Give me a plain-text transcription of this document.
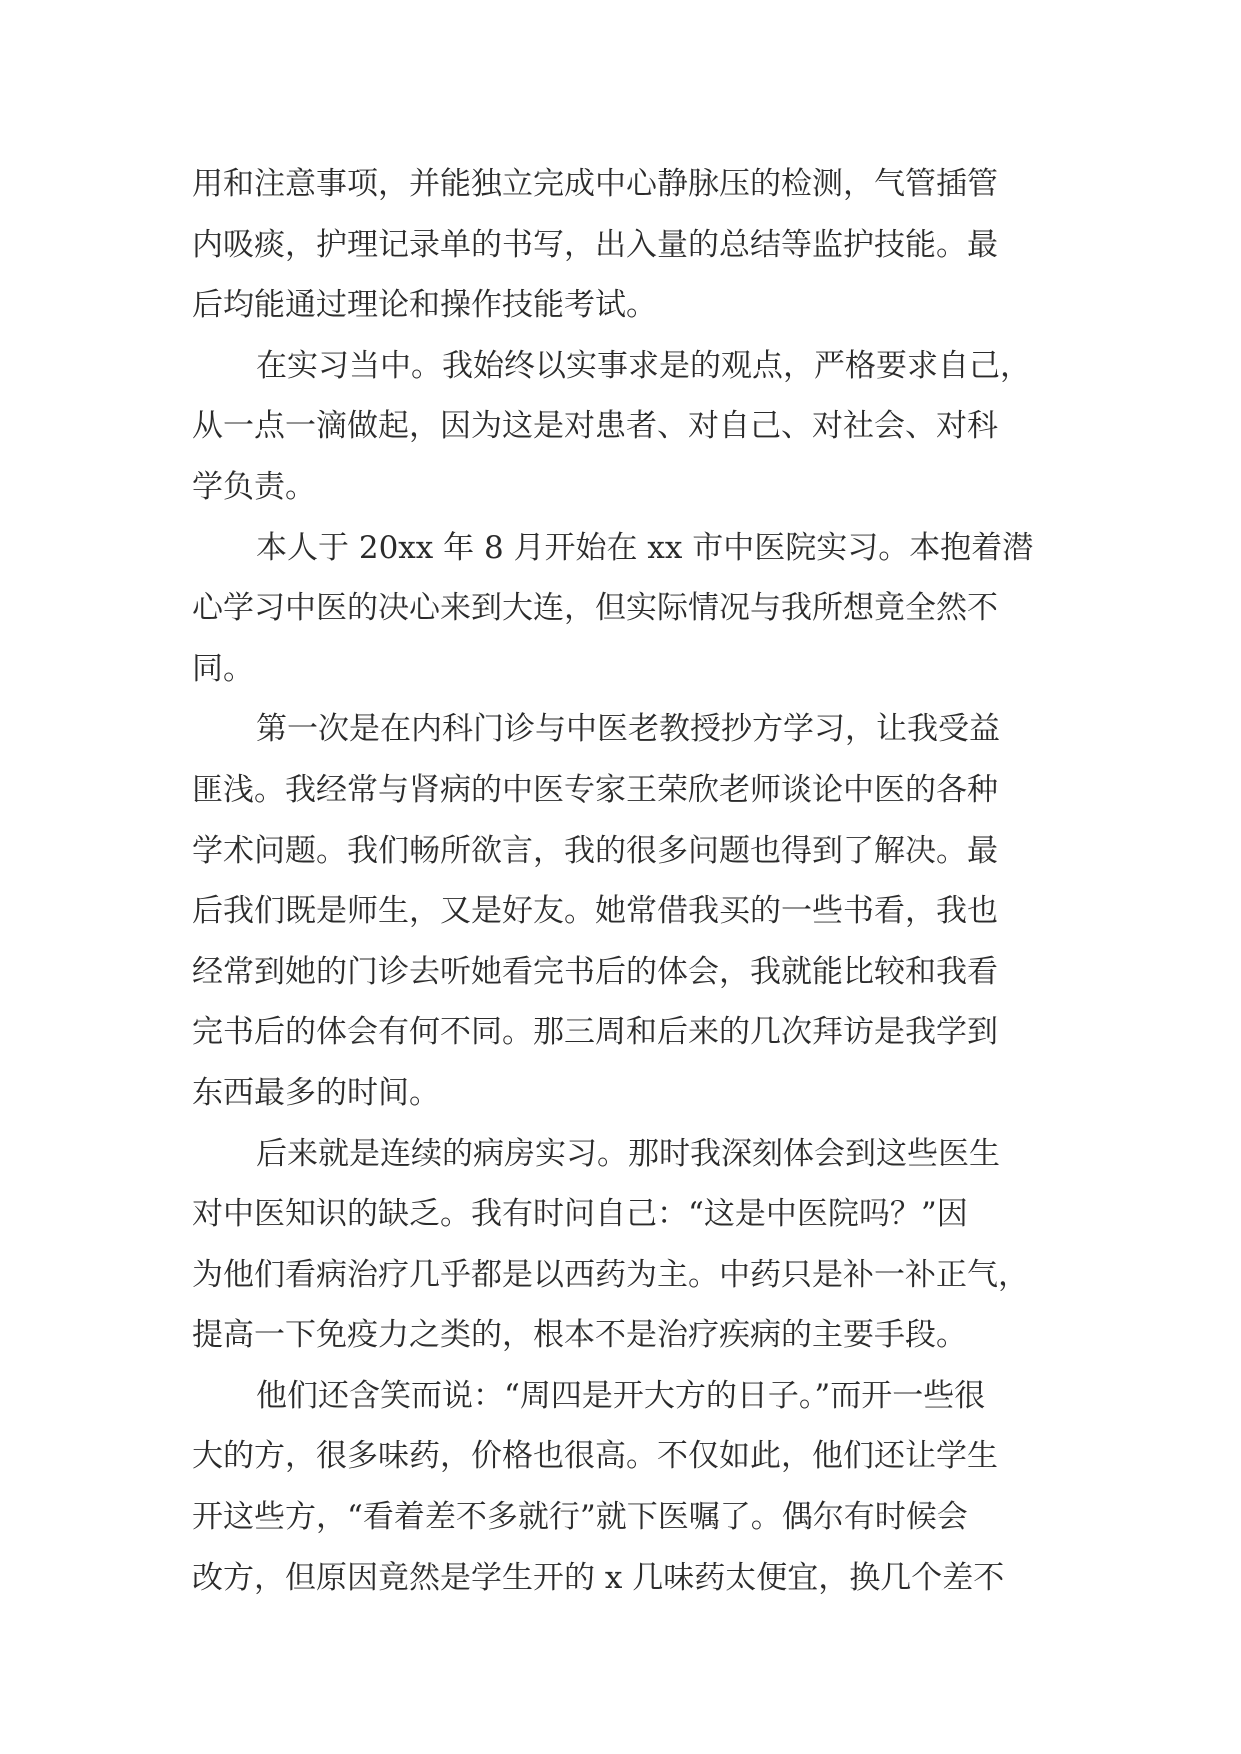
用和注意事项，并能独立完成中心静脉压的检测，气管插管
内吸痰，护理记录单的书写，出入量的总结等监护技能。最
后均能通过理论和操作技能考试。
在实习当中。我始终以实事求是的观点，严格要求自己，
从一点一滴做起，因为这是对患者、对自己、对社会、对科
学负责。
本人于 20xx 年 8 月开始在 xx 市中医院实习。本抱着潜
心学习中医的决心来到大连，但实际情况与我所想竟全然不
同。
第一次是在内科门诊与中医老教授抄方学习，让我受益
匪浅。我经常与肾病的中医专家王荣欣老师谈论中医的各种
学术问题。我们畅所欲言，我的很多问题也得到了解决。最
后我们既是师生，又是好友。她常借我买的一些书看，我也
经常到她的门诊去听她看完书后的体会，我就能比较和我看
完书后的体会有何不同。那三周和后来的几次拜访是我学到
东西最多的时间。
后来就是连续的病房实习。那时我深刻体会到这些医生
对中医知识的缺乏。我有时问自己：“这是中医院吗？”因
为他们看病治疗几乎都是以西药为主。中药只是补一补正气，
提高一下免疫力之类的，根本不是治疗疾病的主要手段。
他们还含笑而说：“周四是开大方的日子。”而开一些很
大的方，很多味药，价格也很高。不仅如此，他们还让学生
开这些方，“看着差不多就行”就下医嘱了。偶尔有时候会
改方，但原因竟然是学生开的 x 几味药太便宜，换几个差不
